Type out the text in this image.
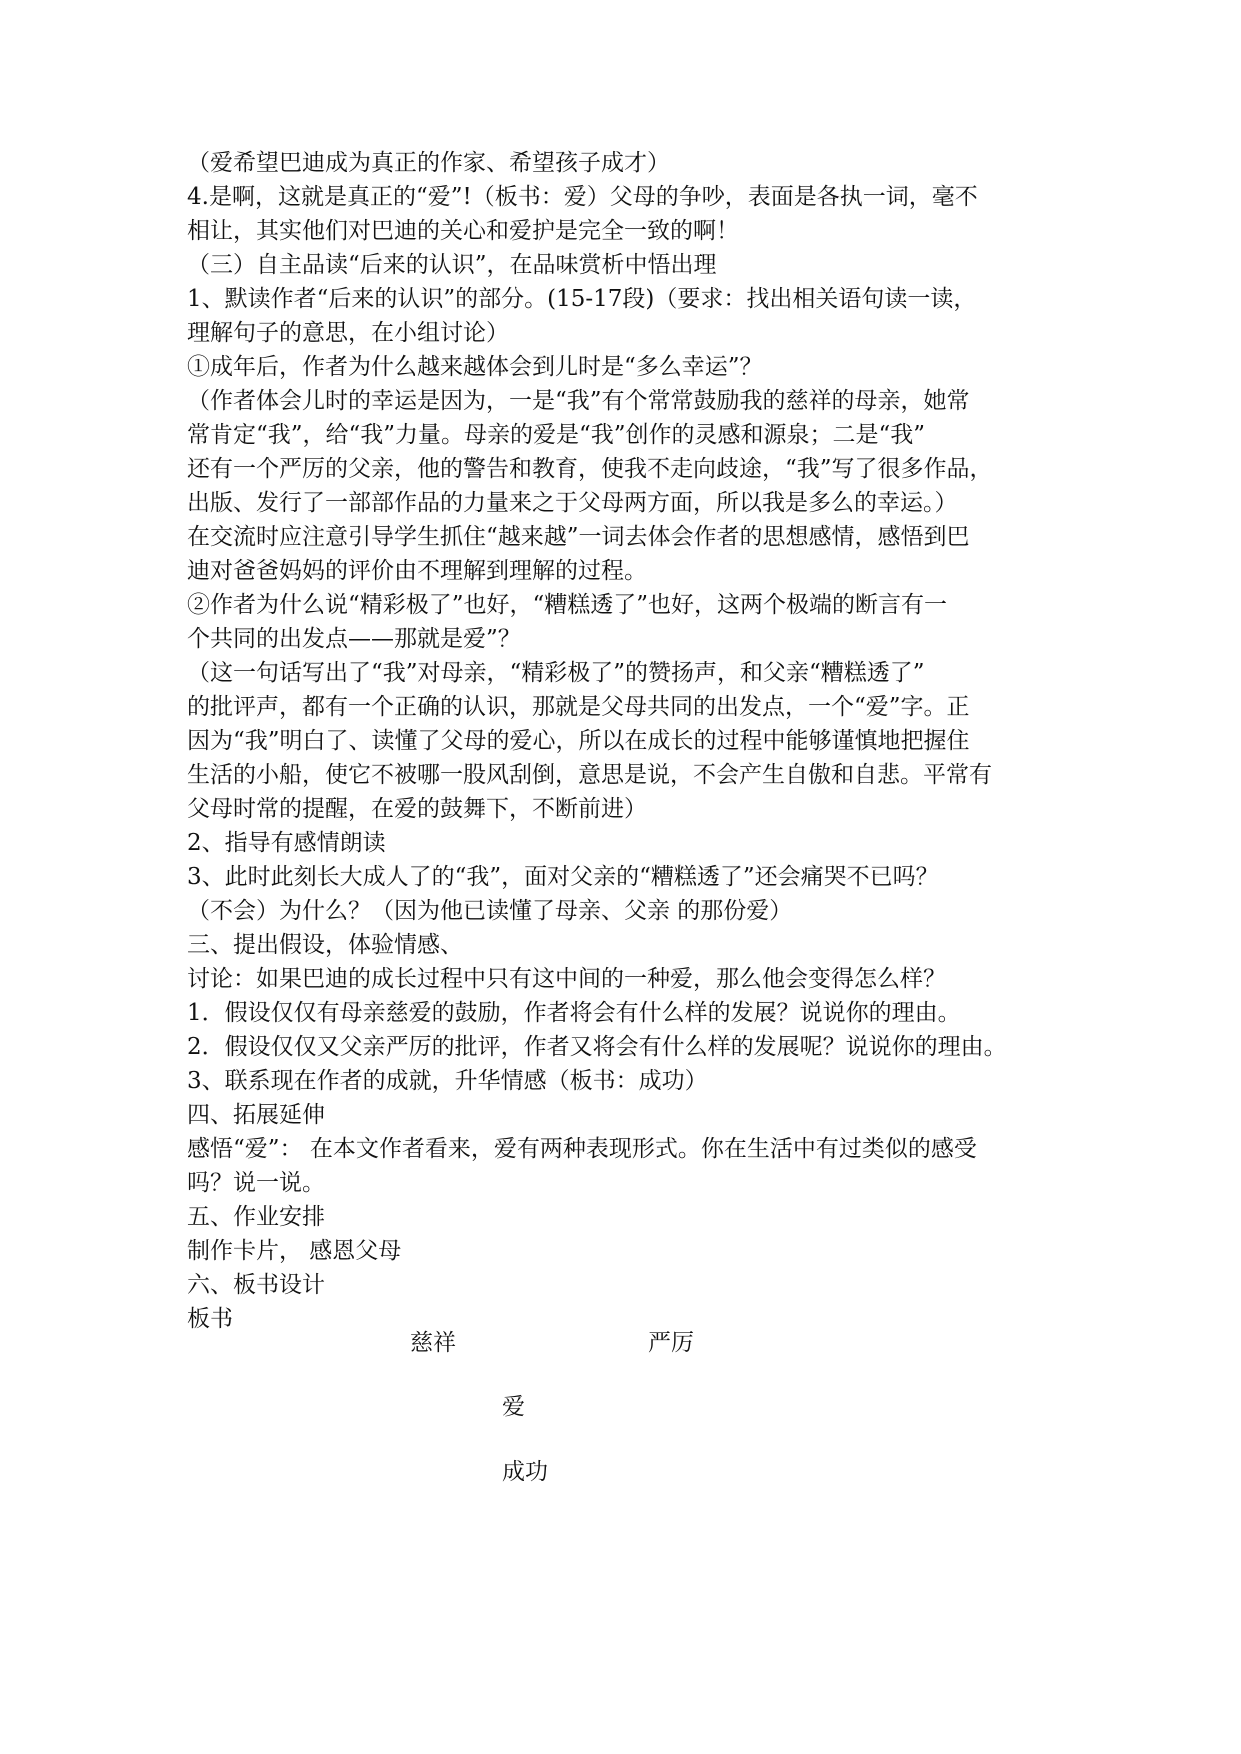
（爱希望巴迪成为真正的作家、希望孩子成才）
4.是啊，这就是真正的“爱”!（板书：爱）父母的争吵，表面是各执一词，毫不
相让，其实他们对巴迪的关心和爱护是完全一致的啊！
（三）自主品读“后来的认识”，在品味赏析中悟出理
1、默读作者“后来的认识”的部分。(15-17段)（要求：找出相关语句读一读，
理解句子的意思，在小组讨论）
①成年后，作者为什么越来越体会到儿时是“多么幸运”？
（作者体会儿时的幸运是因为，一是“我”有个常常鼓励我的慈祥的母亲，她常
常肯定“我”，给“我”力量。母亲的爱是“我”创作的灵感和源泉；二是“我”
还有一个严厉的父亲，他的警告和教育，使我不走向歧途，“我”写了很多作品，
出版、发行了一部部作品的力量来之于父母两方面，所以我是多么的幸运。）
在交流时应注意引导学生抓住“越来越”一词去体会作者的思想感情，感悟到巴
迪对爸爸妈妈的评价由不理解到理解的过程。
②作者为什么说“精彩极了”也好，“糟糕透了”也好，这两个极端的断言有一
个共同的出发点——那就是爱”？
（这一句话写出了“我”对母亲，“精彩极了”的赞扬声，和父亲“糟糕透了”
的批评声，都有一个正确的认识，那就是父母共同的出发点，一个“爱”字。正
因为“我”明白了、读懂了父母的爱心，所以在成长的过程中能够谨慎地把握住
生活的小船，使它不被哪一股风刮倒，意思是说，不会产生自傲和自悲。平常有
父母时常的提醒，在爱的鼓舞下，不断前进）
2、指导有感情朗读
3、此时此刻长大成人了的“我”，面对父亲的“糟糕透了”还会痛哭不已吗？
（不会）为什么？（因为他已读懂了母亲、父亲 的那份爱）
三、提出假设，体验情感、
讨论：如果巴迪的成长过程中只有这中间的一种爱，那么他会变得怎么样？
1．假设仅仅有母亲慈爱的鼓励，作者将会有什么样的发展？说说你的理由。
2．假设仅仅又父亲严厉的批评，作者又将会有什么样的发展呢？说说你的理由。
3、联系现在作者的成就，升华情感（板书：成功）
四、拓展延伸
感悟“爱”： 在本文作者看来，爱有两种表现形式。你在生活中有过类似的感受
吗？说一说。
五、作业安排
制作卡片， 感恩父母
六、板书设计
板书
慈祥	严厉
爱
成功
